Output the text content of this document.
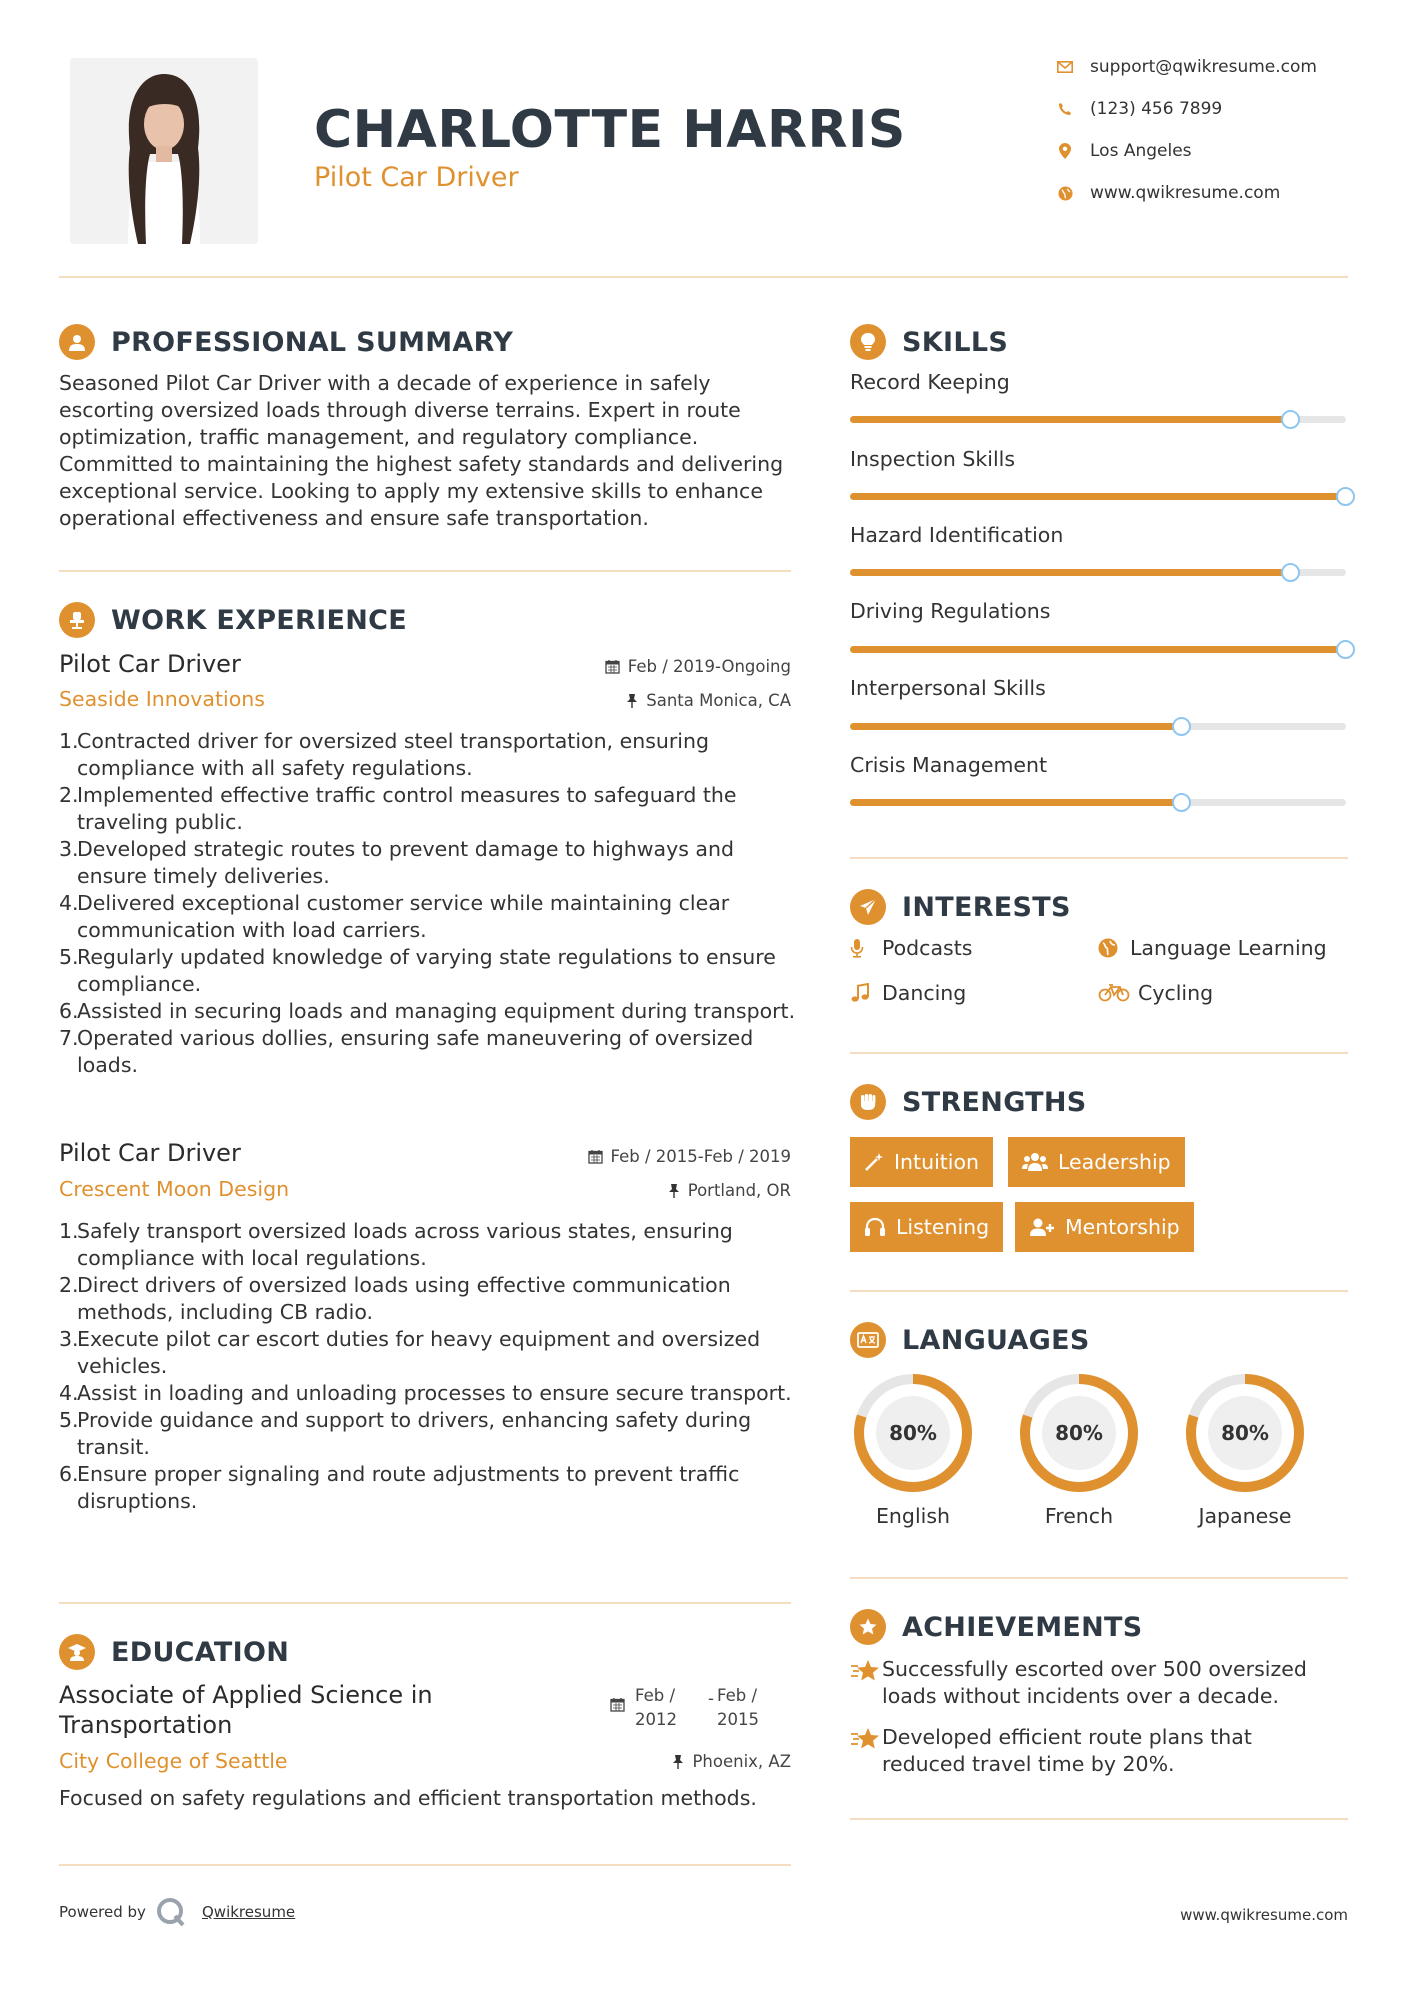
CHARLOTTE HARRIS
Pilot Car Driver
support@qwikresume.com
(123) 456 7899
Los Angeles
www.qwikresume.com
PROFESSIONAL SUMMARY
Seasoned Pilot Car Driver with a decade of experience in safely escorting oversized loads through diverse terrains. Expert in route optimization, traffic management, and regulatory compliance. Committed to maintaining the highest safety standards and delivering exceptional service. Looking to apply my extensive skills to enhance operational effectiveness and ensure safe transportation.
WORK EXPERIENCE
Pilot Car Driver	Feb / 2019-Ongoing
Seaside Innovations	Santa Monica, CA
1.
Contracted driver for oversized steel transportation, ensuring compliance with all safety regulations.
2.
Implemented effective traffic control measures to safeguard the traveling public.
3.
Developed strategic routes to prevent damage to highways and ensure timely deliveries.
4.
Delivered exceptional customer service while maintaining clear communication with load carriers.
5.
Regularly updated knowledge of varying state regulations to ensure compliance.
6.
Assisted in securing loads and managing equipment during transport.
7.
Operated various dollies, ensuring safe maneuvering of oversized loads.
Pilot Car Driver	Feb / 2015-Feb / 2019
Crescent Moon Design	Portland, OR
1.
Safely transport oversized loads across various states, ensuring compliance with local regulations.
2.
Direct drivers of oversized loads using effective communication methods, including CB radio.
3.
Execute pilot car escort duties for heavy equipment and oversized vehicles.
4.
Assist in loading and unloading processes to ensure secure transport.
5.
Provide guidance and support to drivers, enhancing safety during transit.
6.
Ensure proper signaling and route adjustments to prevent traffic disruptions.
EDUCATION
Associate of Applied Science in Transportation
Feb / 2012
- Feb / 2015
City College of Seattle	Phoenix, AZ
Focused on safety regulations and efficient transportation methods.
SKILLS
Record Keeping
Inspection Skills
Hazard Identification
Driving Regulations
Interpersonal Skills
Crisis Management
INTERESTS
Podcasts	Language Learning
Dancing	Cycling
STRENGTHS
Intuition	Leadership
Listening	Mentorship
LANGUAGES
80%
English
80%
French
80%
Japanese
ACHIEVEMENTS
Successfully escorted over 500 oversized loads without incidents over a decade.
Developed efficient route plans that reduced travel time by 20%.
Powered by	Qwikresume	www.qwikresume.com
